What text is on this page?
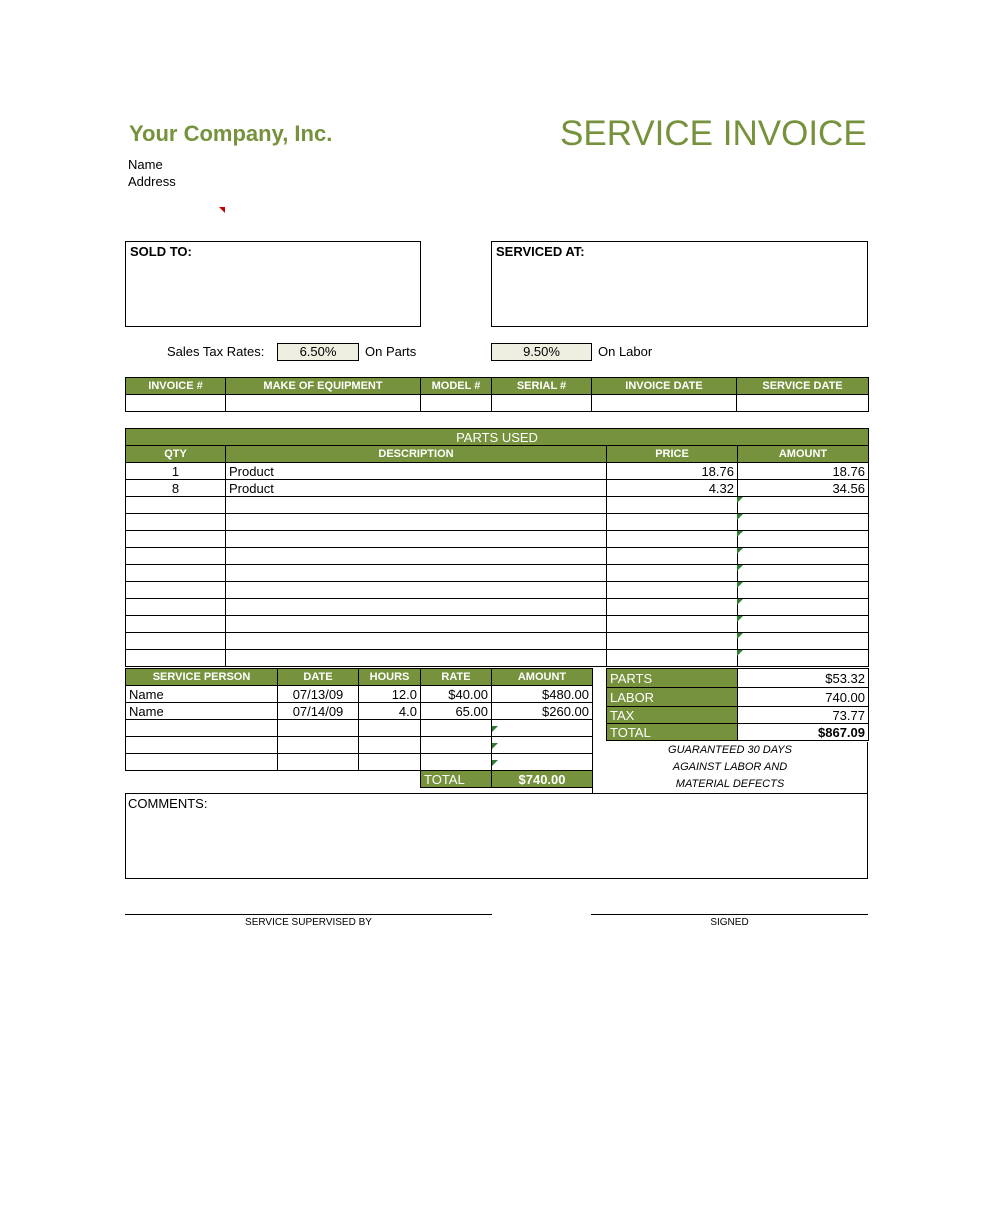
Your Company, Inc.	SERVICE INVOICE
Name
Address
SOLD TO:	SERVICED AT:
Sales Tax Rates:	6.50%	On Parts	9.50%	On Labor
INVOICE #	MAKE OF EQUIPMENT	MODEL #	SERIAL #	INVOICE DATE	SERVICE DATE

PARTS USED			
QTY	DESCRIPTION	PRICE	AMOUNT
1	Product	18.76	18.76
8	Product	4.32	34.56

SERVICE PERSON	DATE	HOURS	RATE	AMOUNT
Name	07/13/09	12.0	$40.00	$480.00
Name	07/14/09	4.0	65.00	$260.00

			TOTAL	$740.00
PARTS	$53.32
LABOR	740.00
TAX	73.77
TOTAL	$867.09
GUARANTEED 30 DAYS
AGAINST LABOR AND
MATERIAL DEFECTS
COMMENTS:
SERVICE SUPERVISED BY	SIGNED
